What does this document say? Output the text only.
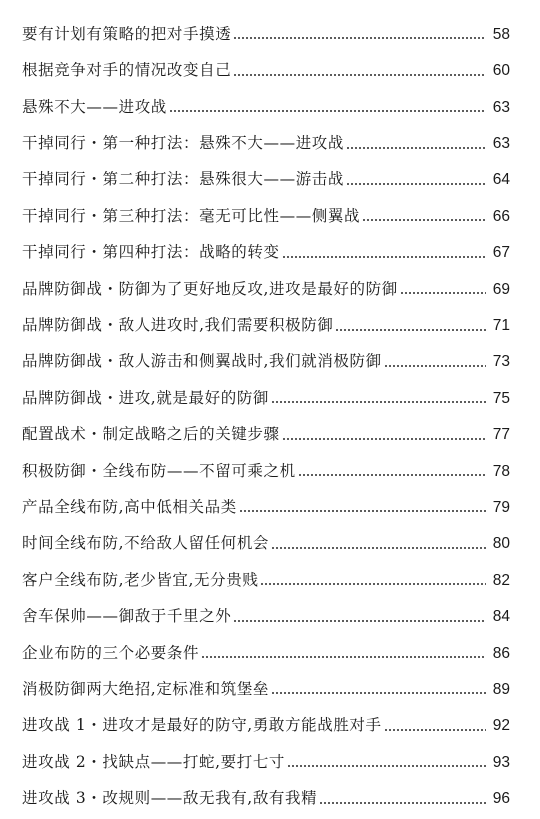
要有计划有策略的把对手摸透	58
根据竞争对手的情况改变自己	60
悬殊不大——进攻战	63
干掉同行・第一种打法：悬殊不大——进攻战	63
干掉同行・第二种打法：悬殊很大——游击战	64
干掉同行・第三种打法：毫无可比性——侧翼战	66
干掉同行・第四种打法：战略的转变	67
品牌防御战・防御为了更好地反攻,进攻是最好的防御	69
品牌防御战・敌人进攻时,我们需要积极防御	71
品牌防御战・敌人游击和侧翼战时,我们就消极防御	73
品牌防御战・进攻,就是最好的防御	75
配置战术・制定战略之后的关键步骤	77
积极防御・全线布防——不留可乘之机	78
产品全线布防,高中低相关品类	79
时间全线布防,不给敌人留任何机会	80
客户全线布防,老少皆宜,无分贵贱	82
舍车保帅——御敌于千里之外	84
企业布防的三个必要条件	86
消极防御两大绝招,定标准和筑堡垒	89
进攻战 1・进攻才是最好的防守,勇敢方能战胜对手	92
进攻战 2・找缺点——打蛇,要打七寸	93
进攻战 3・改规则——敌无我有,敌有我精	96
